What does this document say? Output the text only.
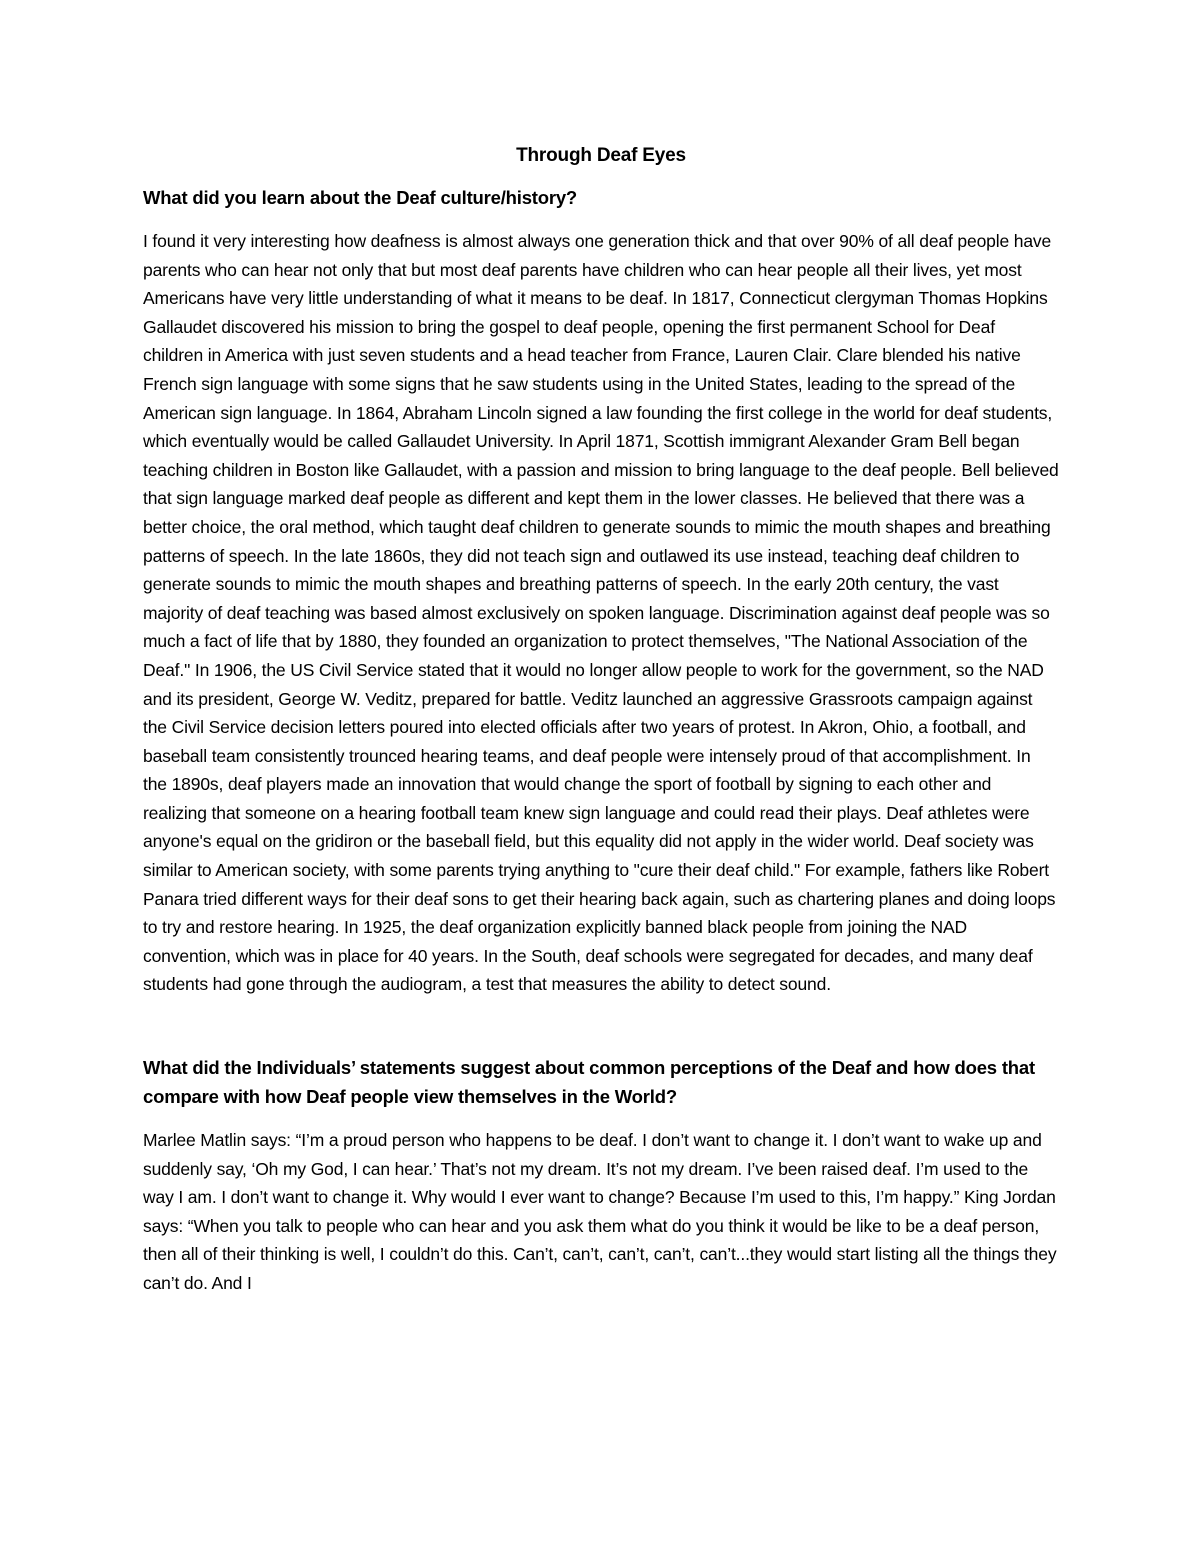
Through Deaf Eyes
What did you learn about the Deaf culture/history?

I found it very interesting how deafness is almost always one generation thick and that over 90% of all deaf people have parents who can hear not only that but most deaf parents have children who can hear people all their lives, yet most Americans have very little understanding of what it means to be deaf. In 1817, Connecticut clergyman Thomas Hopkins Gallaudet discovered his mission to bring the gospel to deaf people, opening the first permanent School for Deaf children in America with just seven students and a head teacher from France, Lauren Clair. Clare blended his native French sign language with some signs that he saw students using in the United States, leading to the spread of the American sign language. In 1864, Abraham Lincoln signed a law founding the first college in the world for deaf students, which eventually would be called Gallaudet University. In April 1871, Scottish immigrant Alexander Gram Bell began teaching children in Boston like Gallaudet, with a passion and mission to bring language to the deaf people. Bell believed that sign language marked deaf people as different and kept them in the lower classes. He believed that there was a better choice, the oral method, which taught deaf children to generate sounds to mimic the mouth shapes and breathing patterns of speech. In the late 1860s, they did not teach sign and outlawed its use instead, teaching deaf children to generate sounds to mimic the mouth shapes and breathing patterns of speech. In the early 20th century, the vast majority of deaf teaching was based almost exclusively on spoken language. Discrimination against deaf people was so much a fact of life that by 1880, they founded an organization to protect themselves, "The National Association of the Deaf." In 1906, the US Civil Service stated that it would no longer allow people to work for the government, so the NAD and its president, George W. Veditz, prepared for battle. Veditz launched an aggressive Grassroots campaign against the Civil Service decision letters poured into elected officials after two years of protest. In Akron, Ohio, a football, and baseball team consistently trounced hearing teams, and deaf people were intensely proud of that accomplishment. In the 1890s, deaf players made an innovation that would change the sport of football by signing to each other and realizing that someone on a hearing football team knew sign language and could read their plays. Deaf athletes were anyone's equal on the gridiron or the baseball field, but this equality did not apply in the wider world. Deaf society was similar to American society, with some parents trying anything to "cure their deaf child." For example, fathers like Robert Panara tried different ways for their deaf sons to get their hearing back again, such as chartering planes and doing loops to try and restore hearing. In 1925, the deaf organization explicitly banned black people from joining the NAD convention, which was in place for 40 years. In the South, deaf schools were segregated for decades, and many deaf students had gone through the audiogram, a test that measures the ability to detect sound.

What did the Individuals’ statements suggest about common perceptions of the Deaf and how does that compare with how Deaf people view themselves in the World?

Marlee Matlin says: “I’m a proud person who happens to be deaf. I don’t want to change it. I don’t want to wake up and suddenly say, ‘Oh my God, I can hear.’ That’s not my dream. It’s not my dream. I’ve been raised deaf. I’m used to the way I am. I don’t want to change it. Why would I ever want to change? Because I’m used to this, I’m happy.” King Jordan says: “When you talk to people who can hear and you ask them what do you think it would be like to be a deaf person, then all of their thinking is well, I couldn’t do this. Can’t, can’t, can’t, can’t, can’t...they would start listing all the things they can’t do. And I
